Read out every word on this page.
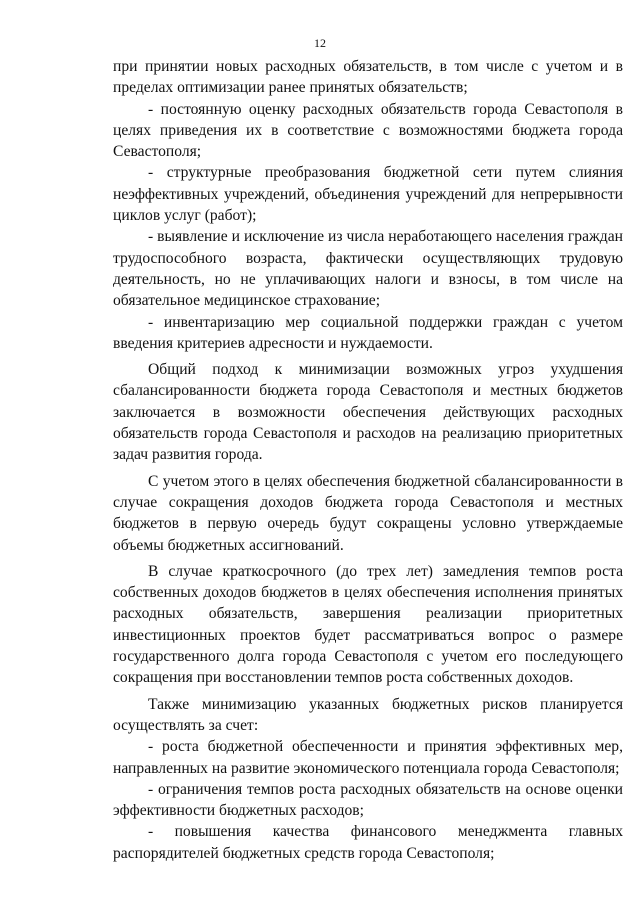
12

при принятии новых расходных обязательств, в том числе с учетом и в пределах оптимизации ранее принятых обязательств;

- постоянную оценку расходных обязательств города Севастополя в целях приведения их в соответствие с возможностями бюджета города Севастополя;

- структурные преобразования бюджетной сети путем слияния неэффективных учреждений, объединения учреждений для непрерывности циклов услуг (работ);

- выявление и исключение из числа неработающего населения граждан трудоспособного возраста, фактически осуществляющих трудовую деятельность, но не уплачивающих налоги и взносы, в том числе на обязательное медицинское страхование;

- инвентаризацию мер социальной поддержки граждан с учетом введения критериев адресности и нуждаемости.

Общий подход к минимизации возможных угроз ухудшения сбалансированности бюджета города Севастополя и местных бюджетов заключается в возможности обеспечения действующих расходных обязательств города Севастополя и расходов на реализацию приоритетных задач развития города.

С учетом этого в целях обеспечения бюджетной сбалансированности в случае сокращения доходов бюджета города Севастополя и местных бюджетов в первую очередь будут сокращены условно утверждаемые объемы бюджетных ассигнований.

В случае краткосрочного (до трех лет) замедления темпов роста собственных доходов бюджетов в целях обеспечения исполнения принятых расходных обязательств, завершения реализации приоритетных инвестиционных проектов будет рассматриваться вопрос о размере государственного долга города Севастополя с учетом его последующего сокращения при восстановлении темпов роста собственных доходов.

Также минимизацию указанных бюджетных рисков планируется осуществлять за счет:

- роста бюджетной обеспеченности и принятия эффективных мер, направленных на развитие экономического потенциала города Севастополя;

- ограничения темпов роста расходных обязательств на основе оценки эффективности бюджетных расходов;

- повышения качества финансового менеджмента главных распорядителей бюджетных средств города Севастополя;
